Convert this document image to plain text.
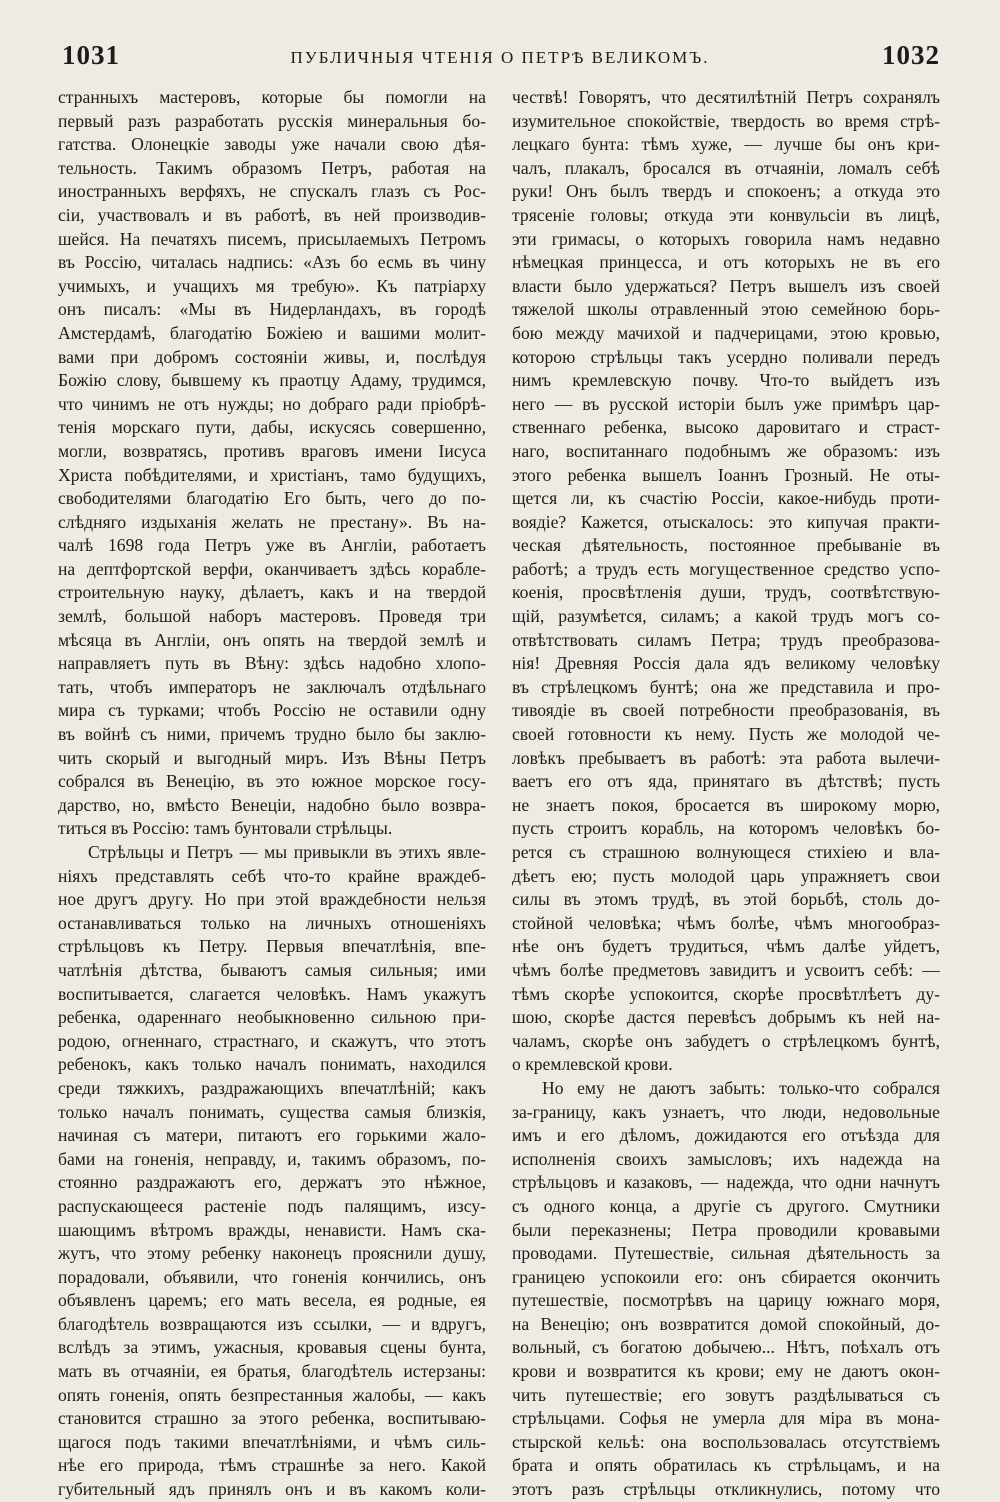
1031	ПУБЛИЧНЫЯ ЧТЕНІЯ О ПЕТРѢ ВЕЛИКОМЪ.	1032
странныхъ мастеровъ, которые бы помогли на
первый разъ разработать русскія минеральныя бо-
гатства. Олонецкіе заводы уже начали свою дѣя-
тельность. Такимъ образомъ Петръ, работая на
иностранныхъ верфяхъ, не спускалъ глазъ съ Рос-
сіи, участвовалъ и въ работѣ, въ ней производив-
шейся. На печатяхъ писемъ, присылаемыхъ Петромъ
въ Россію, читалась надпись: «Азъ бо есмь въ чину
учимыхъ, и учащихъ мя требую». Къ патріарху
онъ писалъ: «Мы въ Нидерландахъ, въ городѣ
Амстердамѣ, благодатію Божіею и вашими молит-
вами при добромъ состояніи живы, и, послѣдуя
Божію слову, бывшему къ праотцу Адаму, трудимся,
что чинимъ не отъ нужды; но добраго ради пріобрѣ-
тенія морскаго пути, дабы, искусясь совершенно,
могли, возвратясь, противъ враговъ имени Іисуса
Христа побѣдителями, и христіанъ, тамо будущихъ,
свободителями благодатію Его быть, чего до по-
слѣдняго издыханія желать не престану». Въ на-
чалѣ 1698 года Петръ уже въ Англіи, работаетъ
на дептфортской верфи, оканчиваетъ здѣсь корабле-
строительную науку, дѣлаетъ, какъ и на твердой
землѣ, большой наборъ мастеровъ. Проведя три
мѣсяца въ Англіи, онъ опять на твердой землѣ и
направляетъ путь въ Вѣну: здѣсь надобно хлопо-
тать, чтобъ императоръ не заключалъ отдѣльнаго
мира съ турками; чтобъ Россію не оставили одну
въ войнѣ съ ними, причемъ трудно было бы заклю-
чить скорый и выгодный миръ. Изъ Вѣны Петръ
собрался въ Венецію, въ это южное морское госу-
дарство, но, вмѣсто Венеціи, надобно было возвра-
титься въ Россію: тамъ бунтовали стрѣльцы.
Стрѣльцы и Петръ — мы привыкли въ этихъ явле-
ніяхъ представлять себѣ что-то крайне враждеб-
ное другъ другу. Но при этой враждебности нельзя
останавливаться только на личныхъ отношеніяхъ
стрѣльцовъ къ Петру. Первыя впечатлѣнія, впе-
чатлѣнія дѣтства, бываютъ самыя сильныя; ими
воспитывается, слагается человѣкъ. Намъ укажутъ
ребенка, одареннаго необыкновенно сильною при-
родою, огненнаго, страстнаго, и скажутъ, что этотъ
ребенокъ, какъ только началъ понимать, находился
среди тяжкихъ, раздражающихъ впечатлѣній; какъ
только началъ понимать, существа самыя близкія,
начиная съ матери, питаютъ его горькими жало-
бами на гоненія, неправду, и, такимъ образомъ, по-
стоянно раздражаютъ его, держатъ это нѣжное,
распускающееся растеніе подъ палящимъ, изсу-
шающимъ вѣтромъ вражды, ненависти. Намъ ска-
жутъ, что этому ребенку наконецъ прояснили душу,
порадовали, объявили, что гоненія кончились, онъ
объявленъ царемъ; его мать весела, ея родные, ея
благодѣтель возвращаются изъ ссылки, — и вдругъ,
вслѣдъ за этимъ, ужасныя, кровавыя сцены бунта,
мать въ отчаяніи, ея братья, благодѣтель истерзаны:
опять гоненія, опять безпрестанныя жалобы, — какъ
становится страшно за этого ребенка, воспитываю-
щагося подъ такими впечатлѣніями, и чѣмъ силь-
нѣе его природа, тѣмъ страшнѣе за него. Какой
губительный ядъ принялъ онъ и въ какомъ коли-
чествѣ! Говорятъ, что десятилѣтній Петръ сохранялъ
изумительное спокойствіе, твердость во время стрѣ-
лецкаго бунта: тѣмъ хуже, — лучше бы онъ кри-
чалъ, плакалъ, бросался въ отчаяніи, ломалъ себѣ
руки! Онъ былъ твердъ и спокоенъ; а откуда это
трясеніе головы; откуда эти конвульсіи въ лицѣ,
эти гримасы, о которыхъ говорила намъ недавно
нѣмецкая принцесса, и отъ которыхъ не въ его
власти было удержаться? Петръ вышелъ изъ своей
тяжелой школы отравленный этою семейною борь-
бою между мачихой и падчерицами, этою кровью,
которою стрѣльцы такъ усердно поливали передъ
нимъ кремлевскую почву. Что-то выйдетъ изъ
него — въ русской исторіи былъ уже примѣръ цар-
ственнаго ребенка, высоко даровитаго и страст-
наго, воспитаннаго подобнымъ же образомъ: изъ
этого ребенка вышелъ Іоаннъ Грозный. Не оты-
щется ли, къ счастію Россіи, какое-нибудь проти-
воядіе? Кажется, отыскалось: это кипучая практи-
ческая дѣятельность, постоянное пребываніе въ
работѣ; а трудъ есть могущественное средство успо-
коенія, просвѣтленія души, трудъ, соотвѣтствую-
щій, разумѣется, силамъ; а какой трудъ могъ со-
отвѣтствовать силамъ Петра; трудъ преобразова-
нія! Древняя Россія дала ядъ великому человѣку
въ стрѣлецкомъ бунтѣ; она же представила и про-
тивоядіе въ своей потребности преобразованія, въ
своей готовности къ нему. Пусть же молодой че-
ловѣкъ пребываетъ въ работѣ: эта работа вылечи-
ваетъ его отъ яда, принятаго въ дѣтствѣ; пусть
не знаетъ покоя, бросается въ широкому морю,
пусть строитъ корабль, на которомъ человѣкъ бо-
рется съ страшною волнующеся стихіею и вла-
дѣетъ ею; пусть молодой царь упражняетъ свои
силы въ этомъ трудѣ, въ этой борьбѣ, столь до-
стойной человѣка; чѣмъ болѣе, чѣмъ многообраз-
нѣе онъ будетъ трудиться, чѣмъ далѣе уйдетъ,
чѣмъ болѣе предметовъ завидитъ и усвоитъ себѣ: —
тѣмъ скорѣе успокоится, скорѣе просвѣтлѣетъ ду-
шою, скорѣе дастся перевѣсъ добрымъ къ ней на-
чаламъ, скорѣе онъ забудетъ о стрѣлецкомъ бунтѣ,
о кремлевской крови.
Но ему не даютъ забыть: только-что собрался
за-границу, какъ узнаетъ, что люди, недовольные
имъ и его дѣломъ, дожидаются его отъѣзда для
исполненія своихъ замысловъ; ихъ надежда на
стрѣльцовъ и казаковъ, — надежда, что одни начнутъ
съ одного конца, а другіе съ другого. Смутники
были переказнены; Петра проводили кровавыми
проводами. Путешествіе, сильная дѣятельность за
границею успокоили его: онъ сбирается окончить
путешествіе, посмотрѣвъ на царицу южнаго моря,
на Венецію; онъ возвратится домой спокойный, до-
вольный, съ богатою добычею... Нѣтъ, поѣхалъ отъ
крови и возвратится къ крови; ему не даютъ окон-
чить путешествіе; его зовутъ раздѣлываться съ
стрѣльцами. Софья не умерла для міра въ мона-
стырской кельѣ: она воспользовалась отсутствіемъ
брата и опять обратилась къ стрѣльцамъ, и на
этотъ разъ стрѣльцы откликнулись, потому что
